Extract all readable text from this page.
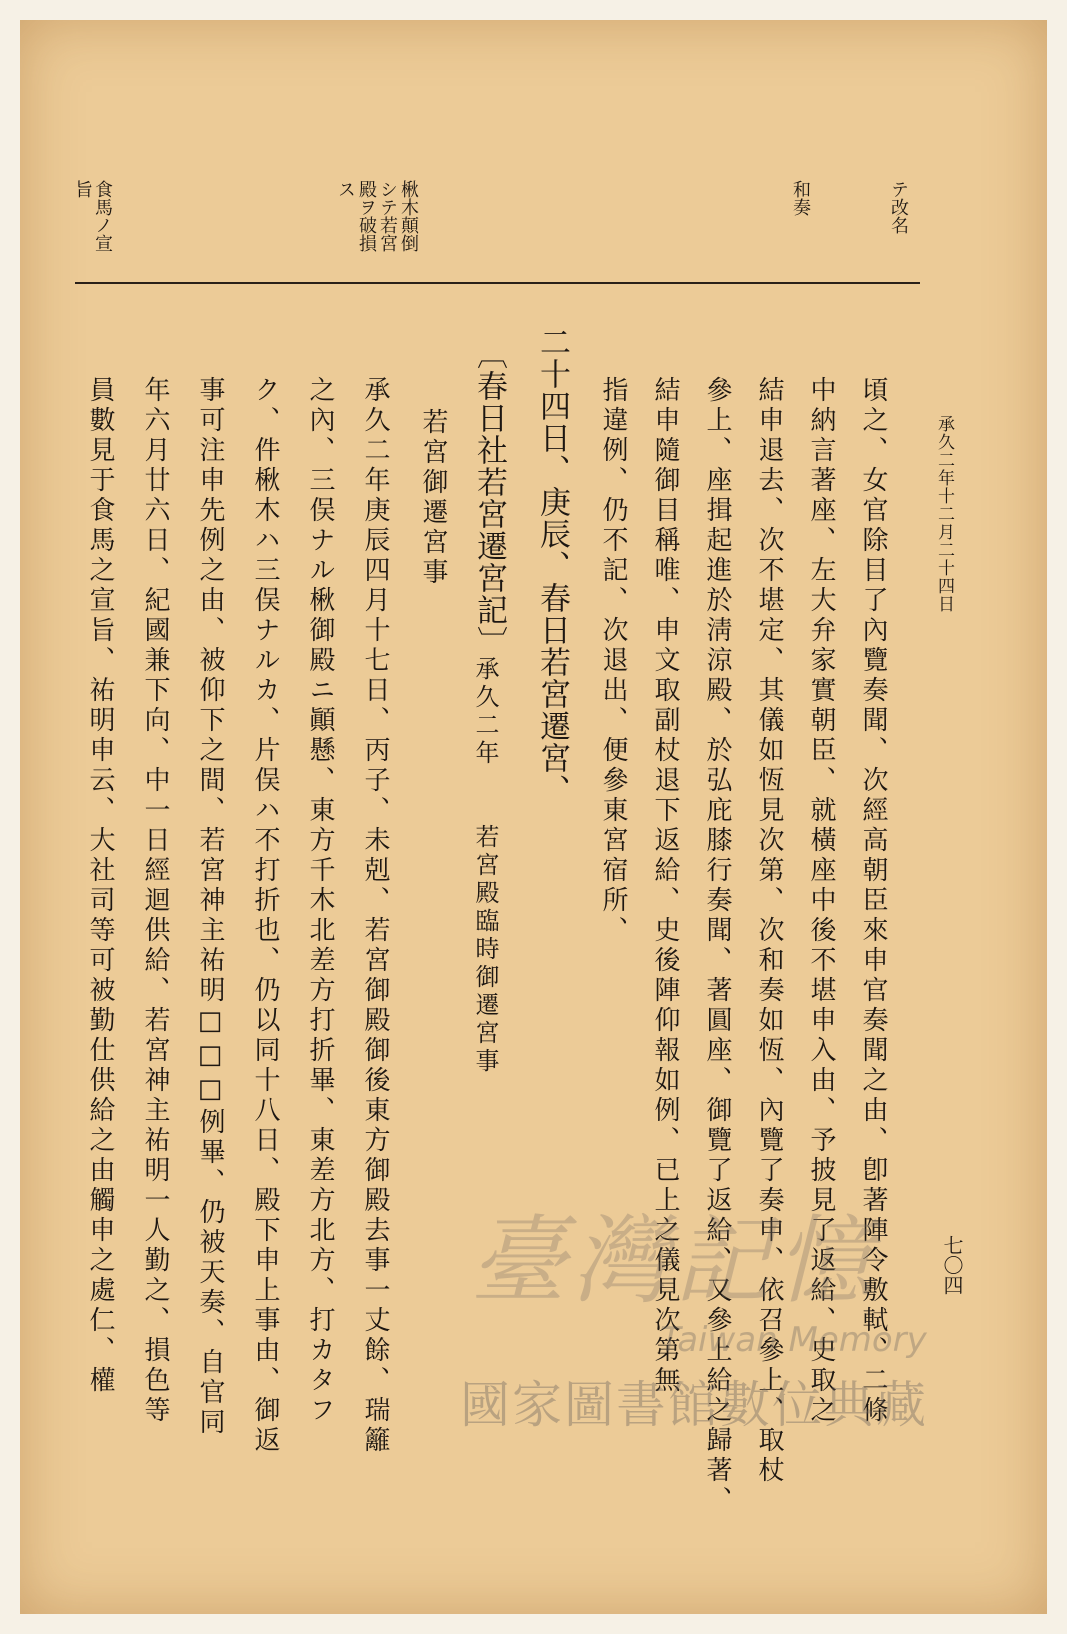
承久二年十二月二十四日
七〇四
テ改名
和奏
楸木顛倒
シテ若宮
殿ヲ破損
ス
食馬ノ宣
旨
頃之、女官除目了內覽奏聞、次經高朝臣來申官奏聞之由、卽著陣令敷軾、二條
中納言著座、左大弁家實朝臣、就橫座中後不堪申入由、予披見了返給、史取之
結申退去、次不堪定、其儀如恆見次第、次和奏如恆、內覽了奏申、依召參上、取杖
參上、座揖起進於淸涼殿、於弘庇膝行奏聞、著圓座、御覽了返給、又參上給之歸著、
結申隨御目稱唯、申文取副杖退下返給、史後陣仰報如例、已上之儀見次第無
指違例、仍不記、次退出、便參東宮宿所、
二十四日、庚辰、春日若宮遷宮、
〔春日社若宮遷宮記〕
承久二年　　若宮殿臨時御遷宮事
若宮御遷宮事
承久二年庚辰四月十七日、丙子、未剋、若宮御殿御後東方御殿去事一丈餘、瑞籬
之內、三俣ナル楸御殿ニ顚懸、東方千木北差方打折畢、東差方北方、打カタフ
ク、件楸木ハ三俣ナルカ、片俣ハ不打折也、仍以同十八日、殿下申上事由、御返
事可注申先例之由、被仰下之間、若宮神主祐明□□□例畢、仍被天奏、自官同
年六月廿六日、紀國兼下向、中一日經迴供給、若宮神主祐明一人勤之、損色等
員數見于食馬之宣旨、祐明申云、大社司等可被勤仕供給之由觸申之處仁、權	臺灣記憶
Taiwan Memory
國家圖書館數位典藏
